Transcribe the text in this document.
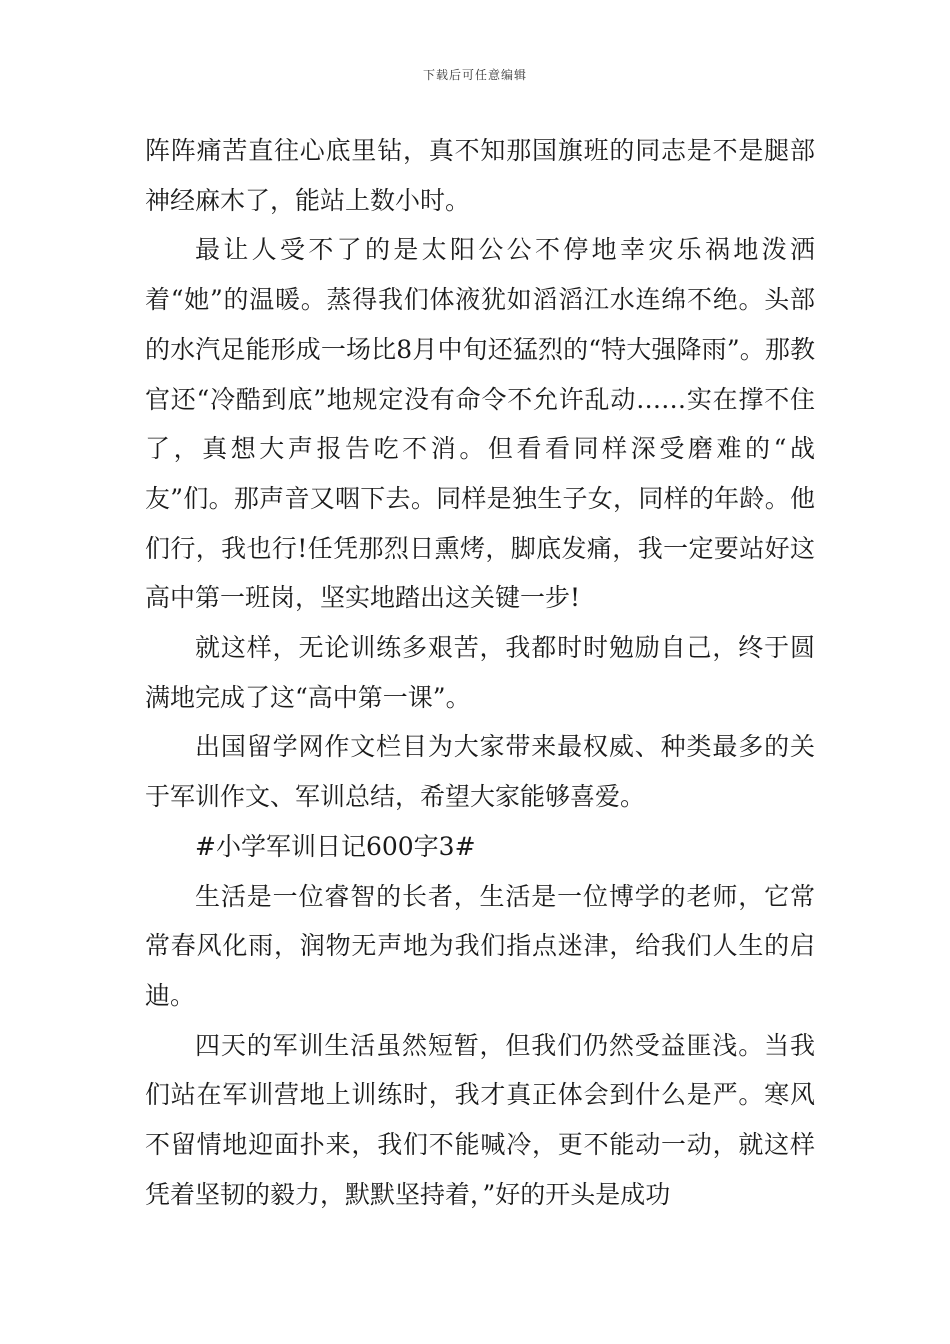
下载后可任意编辑

阵阵痛苦直往心底里钻，真不知那国旗班的同志是不是腿部神经麻木了，能站上数小时。

最让人受不了的是太阳公公不停地幸灾乐祸地泼洒着“她”的温暖。蒸得我们体液犹如滔滔江水连绵不绝。头部的水汽足能形成一场比8月中旬还猛烈的“特大强降雨”。那教官还“冷酷到底”地规定没有命令不允许乱动……实在撑不住了，真想大声报告吃不消。但看看同样深受磨难的“战友”们。那声音又咽下去。同样是独生子女，同样的年龄。他们行，我也行!任凭那烈日熏烤，脚底发痛，我一定要站好这高中第一班岗，坚实地踏出这关键一步!

就这样，无论训练多艰苦，我都时时勉励自己，终于圆满地完成了这“高中第一课”。

出国留学网作文栏目为大家带来最权威、种类最多的关于军训作文、军训总结，希望大家能够喜爱。

#小学军训日记600字3#

生活是一位睿智的长者，生活是一位博学的老师，它常常春风化雨，润物无声地为我们指点迷津，给我们人生的启迪。

四天的军训生活虽然短暂，但我们仍然受益匪浅。当我们站在军训营地上训练时，我才真正体会到什么是严。寒风不留情地迎面扑来，我们不能喊冷，更不能动一动，就这样凭着坚韧的毅力，默默坚持着，”好的开头是成功
